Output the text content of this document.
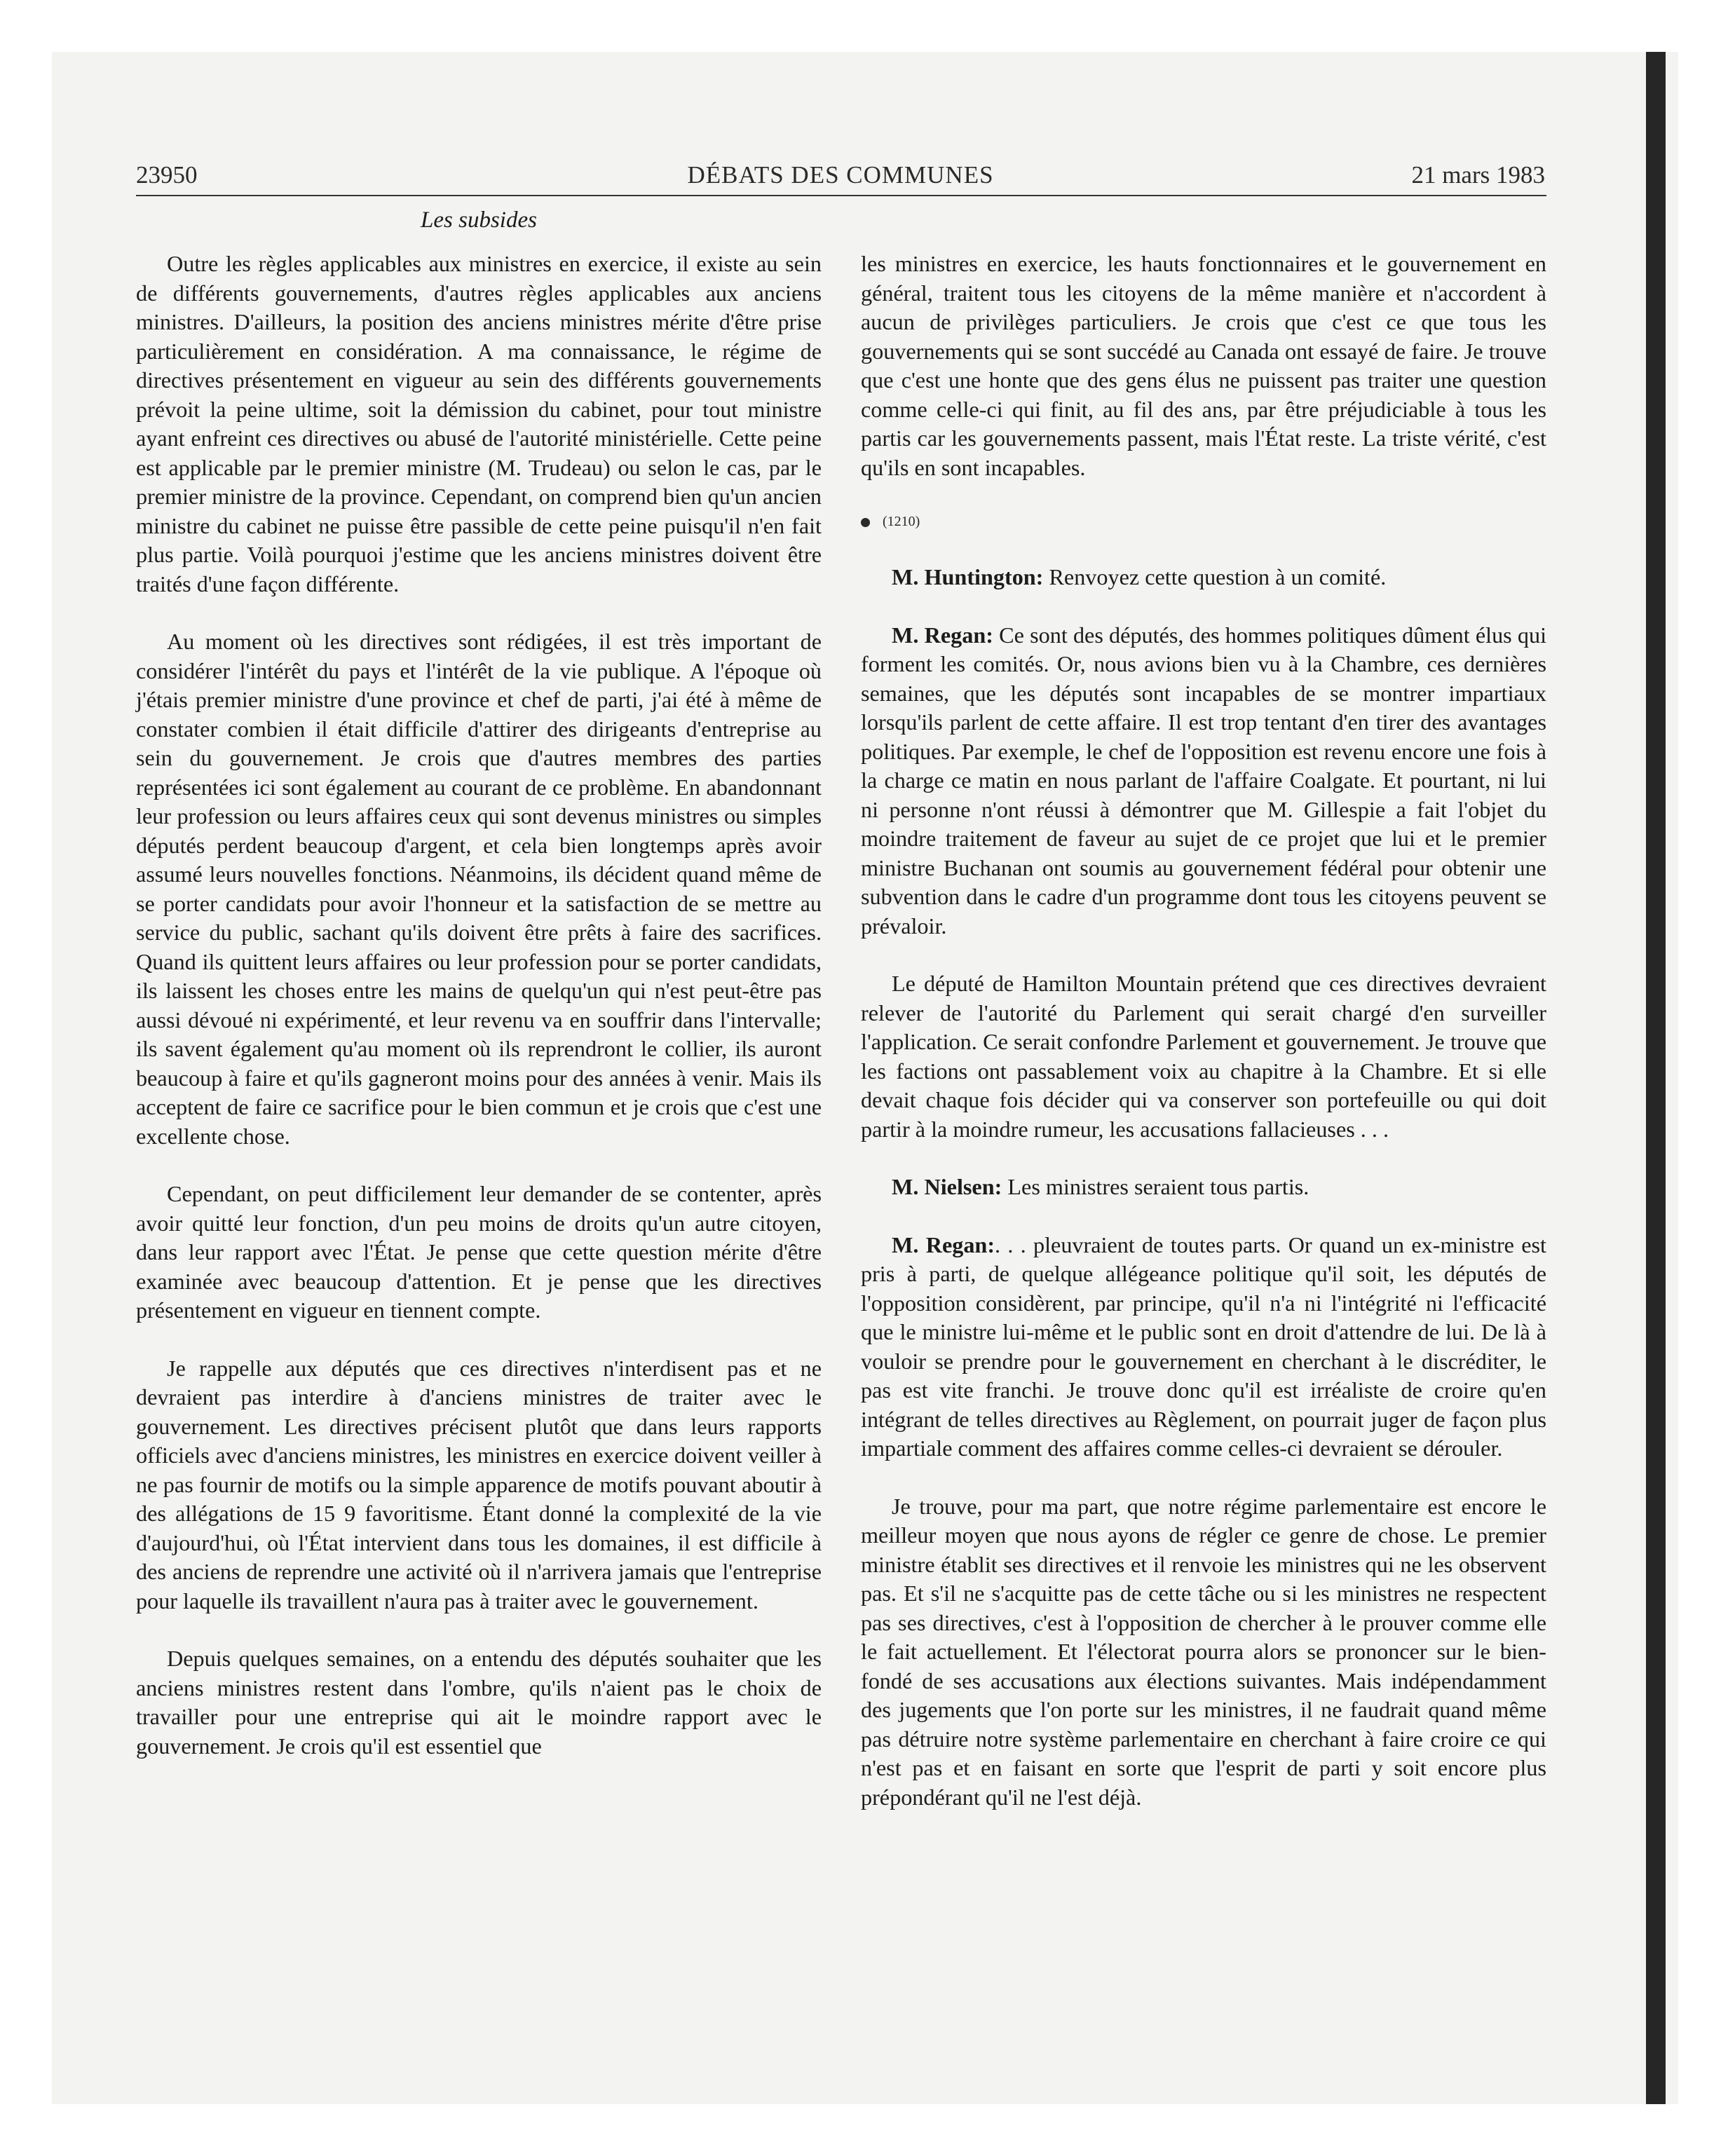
23950	DÉBATS DES COMMUNES	21 mars 1983
Les subsides

Outre les règles applicables aux ministres en exercice, il existe au sein de différents gouvernements, d'autres règles applicables aux anciens ministres. D'ailleurs, la position des anciens ministres mérite d'être prise particulièrement en considération. A ma connaissance, le régime de directives présentement en vigueur au sein des différents gouvernements prévoit la peine ultime, soit la démission du cabinet, pour tout ministre ayant enfreint ces directives ou abusé de l'autorité ministérielle. Cette peine est applicable par le premier ministre (M. Trudeau) ou selon le cas, par le premier ministre de la province. Cependant, on comprend bien qu'un ancien ministre du cabinet ne puisse être passible de cette peine puisqu'il n'en fait plus partie. Voilà pourquoi j'estime que les anciens ministres doivent être traités d'une façon différente.

Au moment où les directives sont rédigées, il est très important de considérer l'intérêt du pays et l'intérêt de la vie publique. A l'époque où j'étais premier ministre d'une province et chef de parti, j'ai été à même de constater combien il était difficile d'attirer des dirigeants d'entreprise au sein du gouvernement. Je crois que d'autres membres des parties représentées ici sont également au courant de ce problème. En abandonnant leur profession ou leurs affaires ceux qui sont devenus ministres ou simples députés perdent beaucoup d'argent, et cela bien longtemps après avoir assumé leurs nouvelles fonctions. Néanmoins, ils décident quand même de se porter candidats pour avoir l'honneur et la satisfaction de se mettre au service du public, sachant qu'ils doivent être prêts à faire des sacrifices. Quand ils quittent leurs affaires ou leur profession pour se porter candidats, ils laissent les choses entre les mains de quelqu'un qui n'est peut-être pas aussi dévoué ni expérimenté, et leur revenu va en souffrir dans l'intervalle; ils savent également qu'au moment où ils reprendront le collier, ils auront beaucoup à faire et qu'ils gagneront moins pour des années à venir. Mais ils acceptent de faire ce sacrifice pour le bien commun et je crois que c'est une excellente chose.

Cependant, on peut difficilement leur demander de se contenter, après avoir quitté leur fonction, d'un peu moins de droits qu'un autre citoyen, dans leur rapport avec l'État. Je pense que cette question mérite d'être examinée avec beaucoup d'attention. Et je pense que les directives présentement en vigueur en tiennent compte.

Je rappelle aux députés que ces directives n'interdisent pas et ne devraient pas interdire à d'anciens ministres de traiter avec le gouvernement. Les directives précisent plutôt que dans leurs rapports officiels avec d'anciens ministres, les ministres en exercice doivent veiller à ne pas fournir de motifs ou la simple apparence de motifs pouvant aboutir à des allégations de 15 9 favoritisme. Étant donné la complexité de la vie d'aujourd'hui, où l'État intervient dans tous les domaines, il est difficile à des anciens de reprendre une activité où il n'arrivera jamais que l'entreprise pour laquelle ils travaillent n'aura pas à traiter avec le gouvernement.

Depuis quelques semaines, on a entendu des députés souhaiter que les anciens ministres restent dans l'ombre, qu'ils n'aient pas le choix de travailler pour une entreprise qui ait le moindre rapport avec le gouvernement. Je crois qu'il est essentiel que

les ministres en exercice, les hauts fonctionnaires et le gouvernement en général, traitent tous les citoyens de la même manière et n'accordent à aucun de privilèges particuliers. Je crois que c'est ce que tous les gouvernements qui se sont succédé au Canada ont essayé de faire. Je trouve que c'est une honte que des gens élus ne puissent pas traiter une question comme celle-ci qui finit, au fil des ans, par être préjudiciable à tous les partis car les gouvernements passent, mais l'État reste. La triste vérité, c'est qu'ils en sont incapables.

(1210)

M. Huntington: Renvoyez cette question à un comité.

M. Regan: Ce sont des députés, des hommes politiques dûment élus qui forment les comités. Or, nous avions bien vu à la Chambre, ces dernières semaines, que les députés sont incapables de se montrer impartiaux lorsqu'ils parlent de cette affaire. Il est trop tentant d'en tirer des avantages politiques. Par exemple, le chef de l'opposition est revenu encore une fois à la charge ce matin en nous parlant de l'affaire Coalgate. Et pourtant, ni lui ni personne n'ont réussi à démontrer que M. Gillespie a fait l'objet du moindre traitement de faveur au sujet de ce projet que lui et le premier ministre Buchanan ont soumis au gouvernement fédéral pour obtenir une subvention dans le cadre d'un programme dont tous les citoyens peuvent se prévaloir.

Le député de Hamilton Mountain prétend que ces directives devraient relever de l'autorité du Parlement qui serait chargé d'en surveiller l'application. Ce serait confondre Parlement et gouvernement. Je trouve que les factions ont passablement voix au chapitre à la Chambre. Et si elle devait chaque fois décider qui va conserver son portefeuille ou qui doit partir à la moindre rumeur, les accusations fallacieuses . . .

M. Nielsen: Les ministres seraient tous partis.

M. Regan:. . . pleuvraient de toutes parts. Or quand un ex-ministre est pris à parti, de quelque allégeance politique qu'il soit, les députés de l'opposition considèrent, par principe, qu'il n'a ni l'intégrité ni l'efficacité que le ministre lui-même et le public sont en droit d'attendre de lui. De là à vouloir se prendre pour le gouvernement en cherchant à le discréditer, le pas est vite franchi. Je trouve donc qu'il est irréaliste de croire qu'en intégrant de telles directives au Règlement, on pourrait juger de façon plus impartiale comment des affaires comme celles-ci devraient se dérouler.

Je trouve, pour ma part, que notre régime parlementaire est encore le meilleur moyen que nous ayons de régler ce genre de chose. Le premier ministre établit ses directives et il renvoie les ministres qui ne les observent pas. Et s'il ne s'acquitte pas de cette tâche ou si les ministres ne respectent pas ses directives, c'est à l'opposition de chercher à le prouver comme elle le fait actuellement. Et l'électorat pourra alors se prononcer sur le bien-fondé de ses accusations aux élections suivantes. Mais indépendamment des jugements que l'on porte sur les ministres, il ne faudrait quand même pas détruire notre système parlementaire en cherchant à faire croire ce qui n'est pas et en faisant en sorte que l'esprit de parti y soit encore plus prépondérant qu'il ne l'est déjà.
